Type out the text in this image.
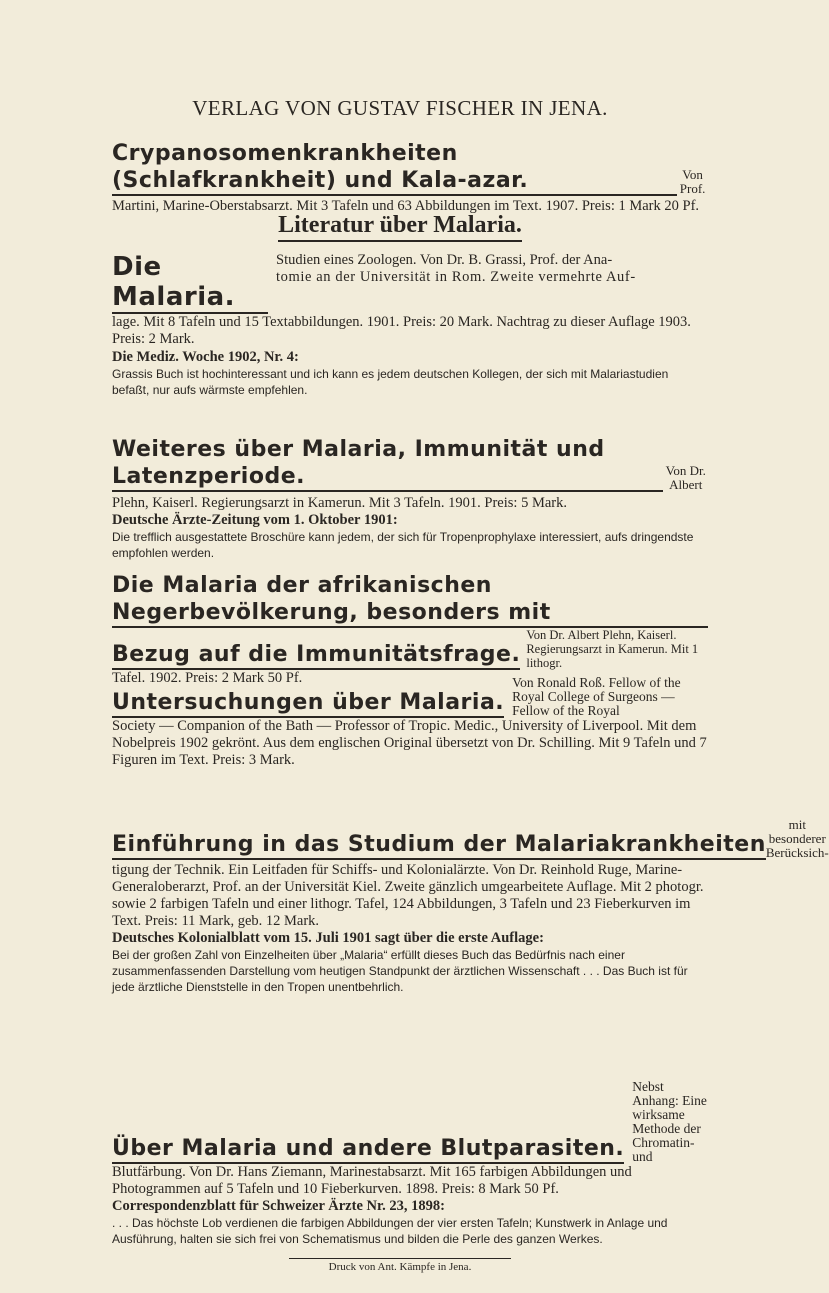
VERLAG VON GUSTAV FISCHER IN JENA.
Crypanosomenkrankheiten (Schlafkrankheit) und Kala-azar.	Von Prof.
Martini, Marine-Oberstabsarzt. Mit 3 Tafeln und 63 Abbildungen im Text. 1907. Preis: 1 Mark 20 Pf.
Literatur über Malaria.
Die Malaria.
Studien eines Zoologen. Von Dr. B. Grassi, Prof. der Ana-
tomie an der Universität in Rom. Zweite vermehrte Auf-
lage. Mit 8 Tafeln und 15 Textabbildungen. 1901. Preis: 20 Mark. Nachtrag zu dieser Auflage 1903. Preis: 2 Mark.
Die Mediz. Woche 1902, Nr. 4:
Grassis Buch ist hochinteressant und ich kann es jedem deutschen Kollegen, der sich mit Malariastudien befaßt, nur aufs wärmste empfehlen.
Weiteres über Malaria, Immunität und Latenzperiode.	Von Dr. Albert
Plehn, Kaiserl. Regierungsarzt in Kamerun. Mit 3 Tafeln. 1901. Preis: 5 Mark.
Deutsche Ärzte-Zeitung vom 1. Oktober 1901:
Die trefflich ausgestattete Broschüre kann jedem, der sich für Tropenprophylaxe interessiert, aufs dringendste empfohlen werden.
Die Malaria der afrikanischen Negerbevölkerung, besonders mit
Bezug auf die Immunitätsfrage.
Von Dr. Albert Plehn, Kaiserl. Regierungsarzt in Kamerun. Mit 1 lithogr.
Tafel. 1902. Preis: 2 Mark 50 Pf.
Untersuchungen über Malaria.
Von Ronald Roß. Fellow of the Royal College of Surgeons — Fellow of the Royal
Society — Companion of the Bath — Professor of Tropic. Medic., University of Liverpool. Mit dem Nobelpreis 1902 gekrönt. Aus dem englischen Original übersetzt von Dr. Schilling. Mit 9 Tafeln und 7 Figuren im Text. Preis: 3 Mark.
Einführung in das Studium der Malariakrankheiten
mit besonderer Berücksich-
tigung der Technik. Ein Leitfaden für Schiffs- und Kolonialärzte. Von Dr. Reinhold Ruge, Marine-Generaloberarzt, Prof. an der Universität Kiel. Zweite gänzlich umgearbeitete Auflage. Mit 2 photogr. sowie 2 farbigen Tafeln und einer lithogr. Tafel, 124 Abbildungen, 3 Tafeln und 23 Fieberkurven im Text. Preis: 11 Mark, geb. 12 Mark.
Deutsches Kolonialblatt vom 15. Juli 1901 sagt über die erste Auflage:
Bei der großen Zahl von Einzelheiten über „Malaria“ erfüllt dieses Buch das Bedürfnis nach einer zusammenfassenden Darstellung vom heutigen Standpunkt der ärztlichen Wissenschaft . . . Das Buch ist für jede ärztliche Dienststelle in den Tropen unentbehrlich.
Über Malaria und andere Blutparasiten.
Nebst Anhang: Eine wirksame Methode der Chromatin- und
Blutfärbung. Von Dr. Hans Ziemann, Marinestabsarzt. Mit 165 farbigen Abbildungen und Photogrammen auf 5 Tafeln und 10 Fieberkurven. 1898. Preis: 8 Mark 50 Pf.
Correspondenzblatt für Schweizer Ärzte Nr. 23, 1898:
. . . Das höchste Lob verdienen die farbigen Abbildungen der vier ersten Tafeln; Kunstwerk in Anlage und Ausführung, halten sie sich frei von Schematismus und bilden die Perle des ganzen Werkes.
Druck von Ant. Kämpfe in Jena.
